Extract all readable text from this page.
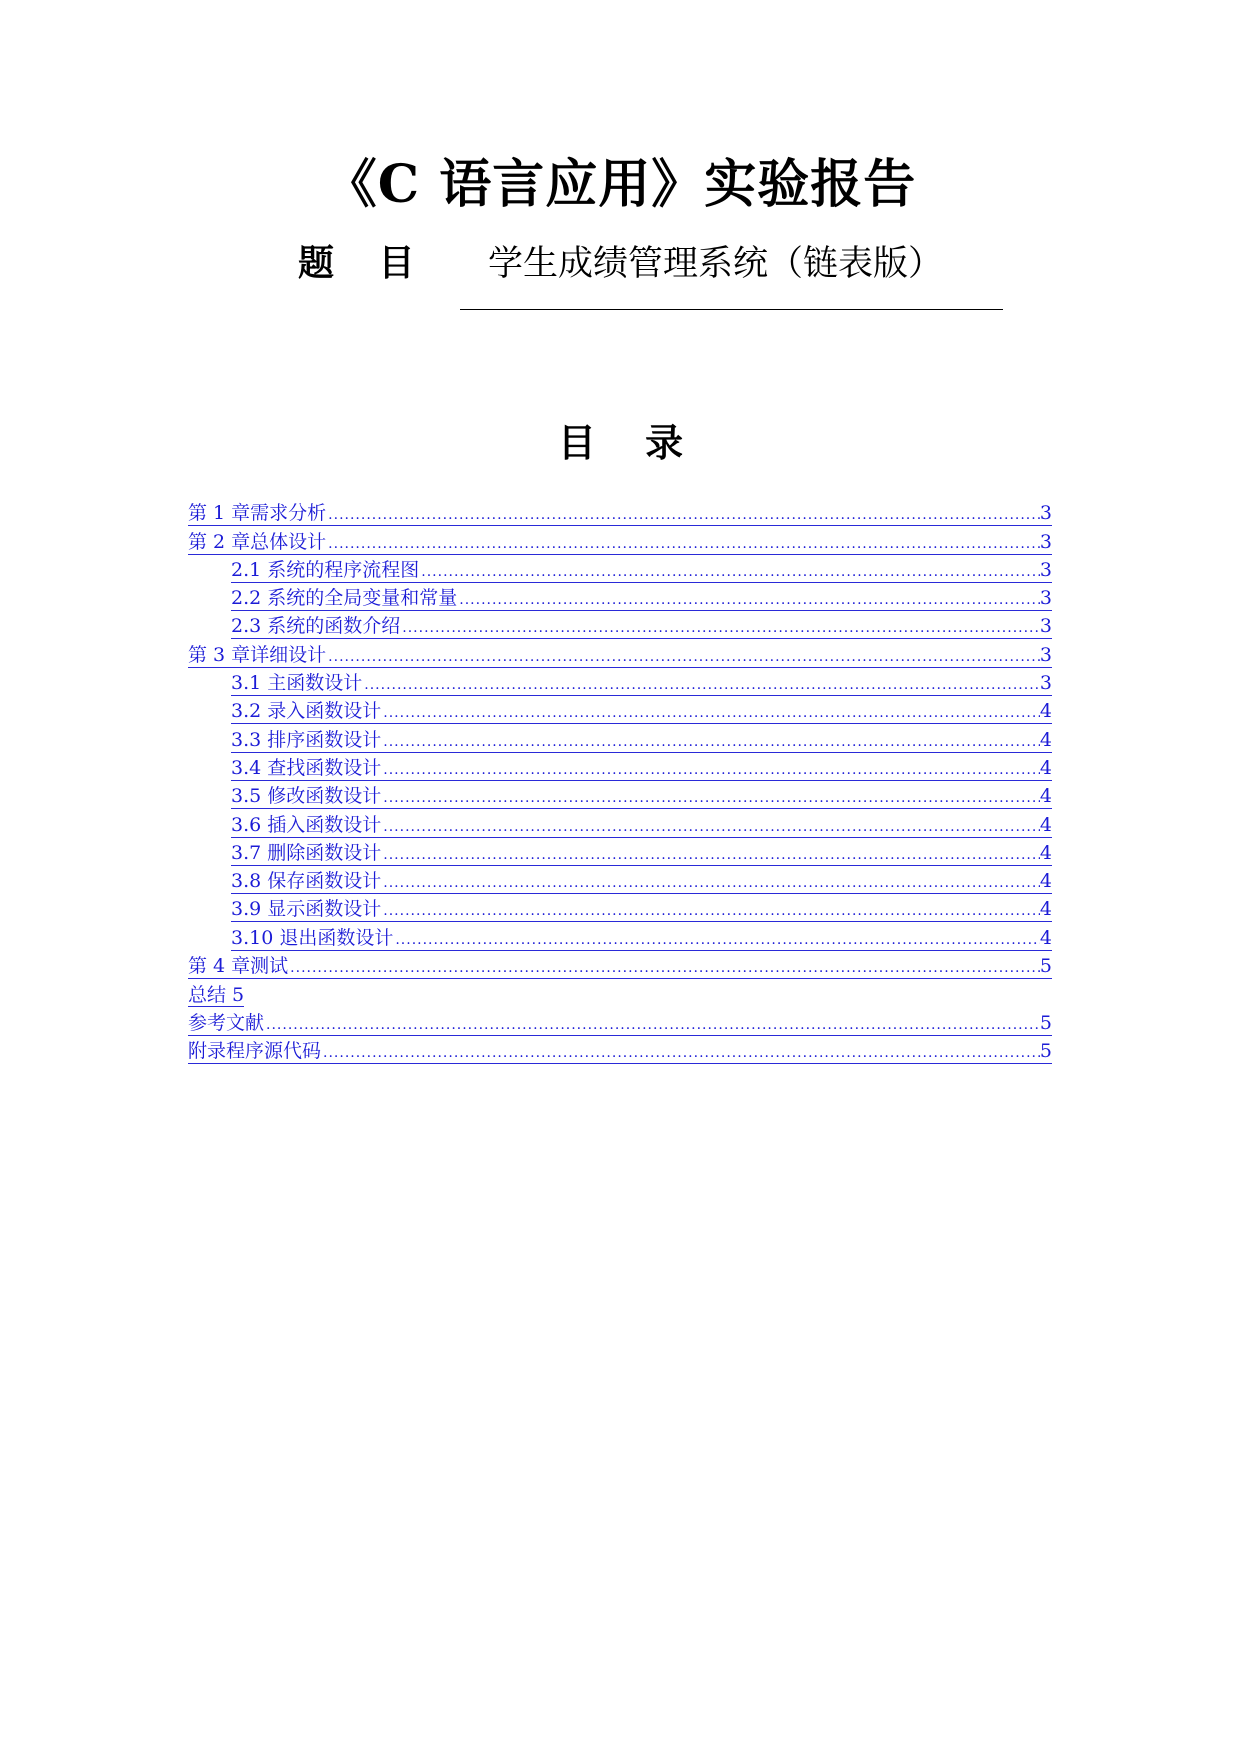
《C 语言应用》实验报告
题 目 学生成绩管理系统（链表版）
目 录
第 1 章需求分析 .....	3
第 2 章总体设计 .....	3
2.1 系统的程序流程图 .....	3
2.2 系统的全局变量和常量 .....	3
2.3 系统的函数介绍 .....	3
第 3 章详细设计 .....	3
3.1 主函数设计 .....	3
3.2 录入函数设计 .....	4
3.3 排序函数设计 .....	4
3.4 查找函数设计 .....	4
3.5 修改函数设计 .....	4
3.6 插入函数设计 .....	4
3.7 删除函数设计 .....	4
3.8 保存函数设计 .....	4
3.9 显示函数设计 .....	4
3.10 退出函数设计 .....	4
第 4 章测试 .....	5
总结 5
参考文献 .....	5
附录程序源代码 .....	5
